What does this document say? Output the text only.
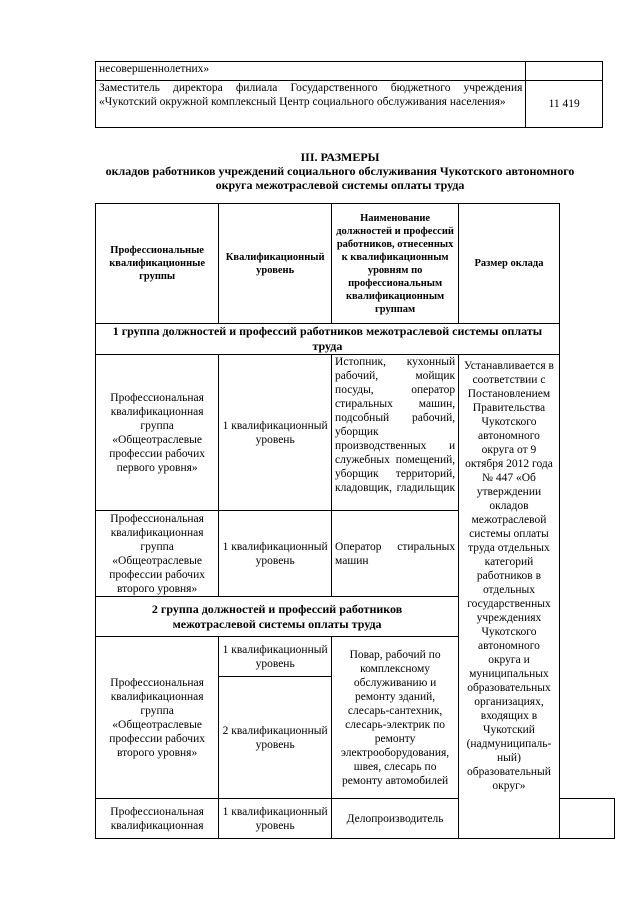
несовершеннолетних»	
Заместитель директора филиала Государственного бюджетного учреждения «Чукотский окружной комплексный Центр социального обслуживания населения»	11 419
III. РАЗМЕРЫ
окладов работников учреждений социального обслуживания Чукотского автономного
округа межотраслевой системы оплаты труда
Профессиональные квалификационные группы	Квалификационный уровень	Наименование должностей и профессий работников, отнесенных к квалификационным уровням по профессиональным квалификационным группам	Размер оклада	
1 группа должностей и профессий работников межотраслевой системы оплаты труда				
Профессиональная квалификационная группа «Общеотраслевые профессии рабочих первого уровня»	1 квалификационный уровень	Истопник, кухонный рабочий, мойщик посуды, оператор стиральных машин, подсобный рабочий, уборщик производственных и служебных помещений, уборщик территорий, кладовщик, гладильщик	Устанавливается в соответствии с Постановлением Правительства Чукотского автономного округа от 9 октября 2012 года № 447 «Об утверждении окладов межотраслевой системы оплаты труда отдельных категорий работников в отдельных государственных учреждениях Чукотского автономного округа и муниципальных образовательных организациях, входящих в Чукотский (надмуниципаль-ный) образовательный округ»	
Профессиональная квалификационная группа «Общеотраслевые профессии рабочих второго уровня»	1 квалификационный уровень	Оператор стиральных машин		
2 группа должностей и профессий работников межотраслевой системы оплаты труда				
Профессиональная квалификационная группа «Общеотраслевые профессии рабочих второго уровня»	1 квалификационный уровень	Повар, рабочий по комплексному обслуживанию и ремонту зданий, слесарь-сантехник, слесарь-электрик по ремонту электрооборудования, швея, слесарь по ремонту автомобилей		
	2 квалификационный уровень			
Профессиональная квалификационная	1 квалификационный уровень	Делопроизводитель		
